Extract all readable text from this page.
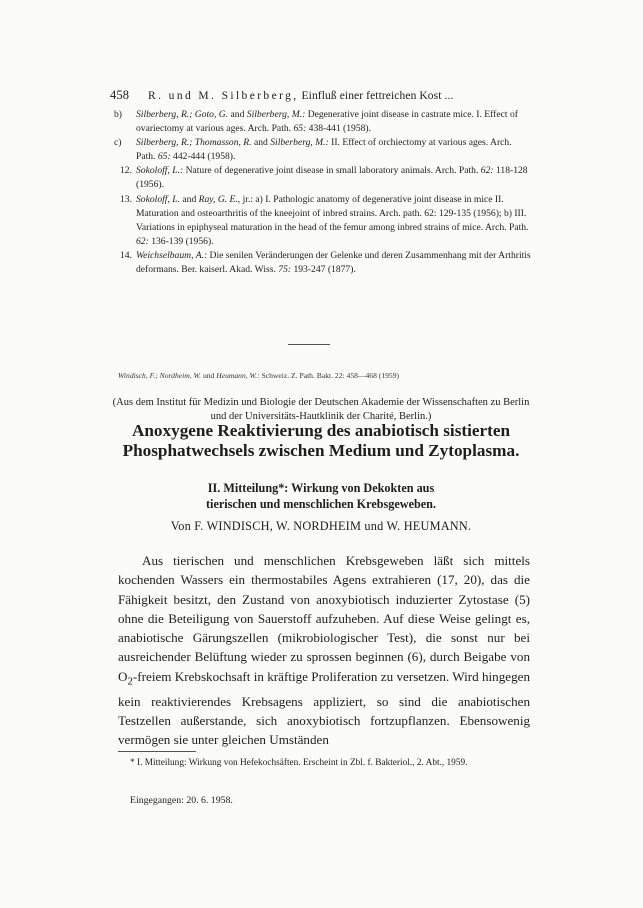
458 R. und M. Silberberg, Einfluß einer fettreichen Kost ...
b)	Silberberg, R.; Goto, G. and Silberberg, M.: Degenerative joint disease in castrate mice. I. Effect of ovariectomy at various ages. Arch. Path. 65: 438-441 (1958).
c)	Silberberg, R.; Thomasson, R. and Silberberg, M.: II. Effect of orchiectomy at various ages. Arch. Path. 65: 442-444 (1958).
12. Sokoloff, L.: Nature of degenerative joint disease in small laboratory animals. Arch. Path. 62: 118-128 (1956).
13. Sokoloff, L. and Ray, G. E., jr.: a) I. Pathologic anatomy of degenerative joint disease in mice II. Maturation and osteoarthritis of the kneejoint of inbred strains. Arch. path. 62: 129-135 (1956); b) III. Variations in epiphyseal maturation in the head of the femur among inbred strains of mice. Arch. Path. 62: 136-139 (1956).
14. Weichselbaum, A.: Die senilen Veränderungen der Gelenke und deren Zusammenhang mit der Arthritis deformans. Ber. kaiserl. Akad. Wiss. 75: 193-247 (1877).
Windisch, F.; Nordheim, W. und Heumann, W.: Schweiz. Z. Path. Bakt. 22: 458—468 (1959)
(Aus dem Institut für Medizin und Biologie der Deutschen Akademie der Wissenschaften zu Berlin und der Universitäts-Hautklinik der Charité, Berlin.)
Anoxygene Reaktivierung des anabiotisch sistierten Phosphatwechsels zwischen Medium und Zytoplasma.
II. Mitteilung*: Wirkung von Dekokten aus
tierischen und menschlichen Krebsgeweben.
Von F. WINDISCH, W. NORDHEIM und W. HEUMANN.

Aus tierischen und menschlichen Krebsgeweben läßt sich mittels kochenden Wassers ein thermostabiles Agens extrahieren (17, 20), das die Fähigkeit besitzt, den Zustand von anoxybiotisch induzierter Zytostase (5) ohne die Beteiligung von Sauerstoff aufzuheben. Auf diese Weise gelingt es, anabiotische Gärungszellen (mikrobiologischer Test), die sonst nur bei ausreichender Belüftung wieder zu sprossen beginnen (6), durch Beigabe von $O_2$-freiem Krebskochsaft in kräftige Proliferation zu versetzen. Wird hingegen kein reaktivierendes Krebsagens appliziert, so sind die anabiotischen Testzellen außerstande, sich anoxybiotisch fortzupflanzen. Ebensowenig vermögen sie unter gleichen Umständen

* I. Mitteilung: Wirkung von Hefekochsäften. Erscheint in Zbl. f. Bakteriol., 2. Abt., 1959.

Eingegangen: 20. 6. 1958.
